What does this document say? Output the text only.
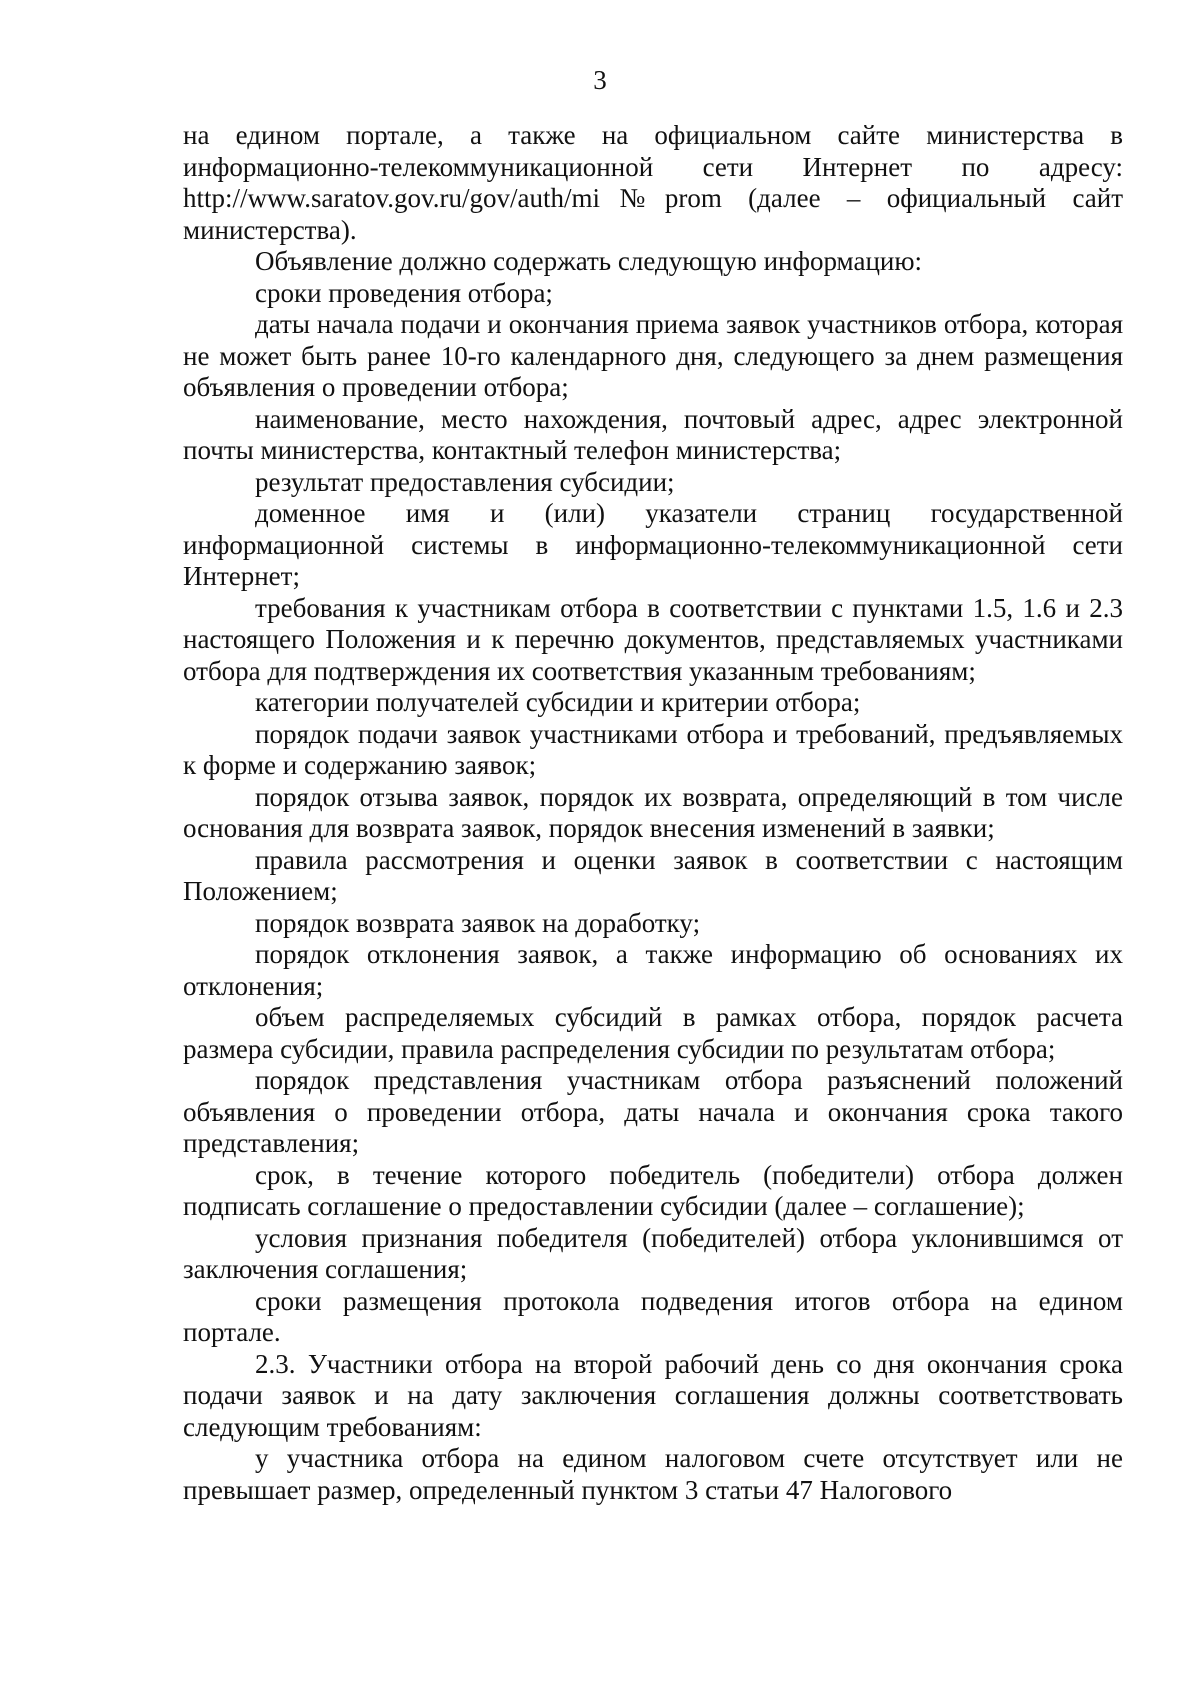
3

на едином портале, а также на официальном сайте министерства в информационно-телекоммуникационной сети Интернет по адресу: http://www.saratov.gov.ru/gov/auth/mi№prom (далее – официальный сайт министерства).

Объявление должно содержать следующую информацию:

сроки проведения отбора;

даты начала подачи и окончания приема заявок участников отбора, которая не может быть ранее 10-го календарного дня, следующего за днем размещения объявления о проведении отбора;

наименование, место нахождения, почтовый адрес, адрес электронной почты министерства, контактный телефон министерства;

результат предоставления субсидии;

доменное имя и (или) указатели страниц государственной информационной системы в информационно-телекоммуникационной сети Интернет;

требования к участникам отбора в соответствии с пунктами 1.5, 1.6 и 2.3 настоящего Положения и к перечню документов, представляемых участниками отбора для подтверждения их соответствия указанным требованиям;

категории получателей субсидии и критерии отбора;

порядок подачи заявок участниками отбора и требований, предъявляемых к форме и содержанию заявок;

порядок отзыва заявок, порядок их возврата, определяющий в том числе основания для возврата заявок, порядок внесения изменений в заявки;

правила рассмотрения и оценки заявок в соответствии с настоящим Положением;

порядок возврата заявок на доработку;

порядок отклонения заявок, а также информацию об основаниях их отклонения;

объем распределяемых субсидий в рамках отбора, порядок расчета размера субсидии, правила распределения субсидии по результатам отбора;

порядок представления участникам отбора разъяснений положений объявления о проведении отбора, даты начала и окончания срока такого представления;

срок, в течение которого победитель (победители) отбора должен подписать соглашение о предоставлении субсидии (далее – соглашение);

условия признания победителя (победителей) отбора уклонившимся от заключения соглашения;

сроки размещения протокола подведения итогов отбора на едином портале.

2.3. Участники отбора на второй рабочий день со дня окончания срока подачи заявок и на дату заключения соглашения должны соответствовать следующим требованиям:

у участника отбора на едином налоговом счете отсутствует или не превышает размер, определенный пунктом 3 статьи 47 Налогового
